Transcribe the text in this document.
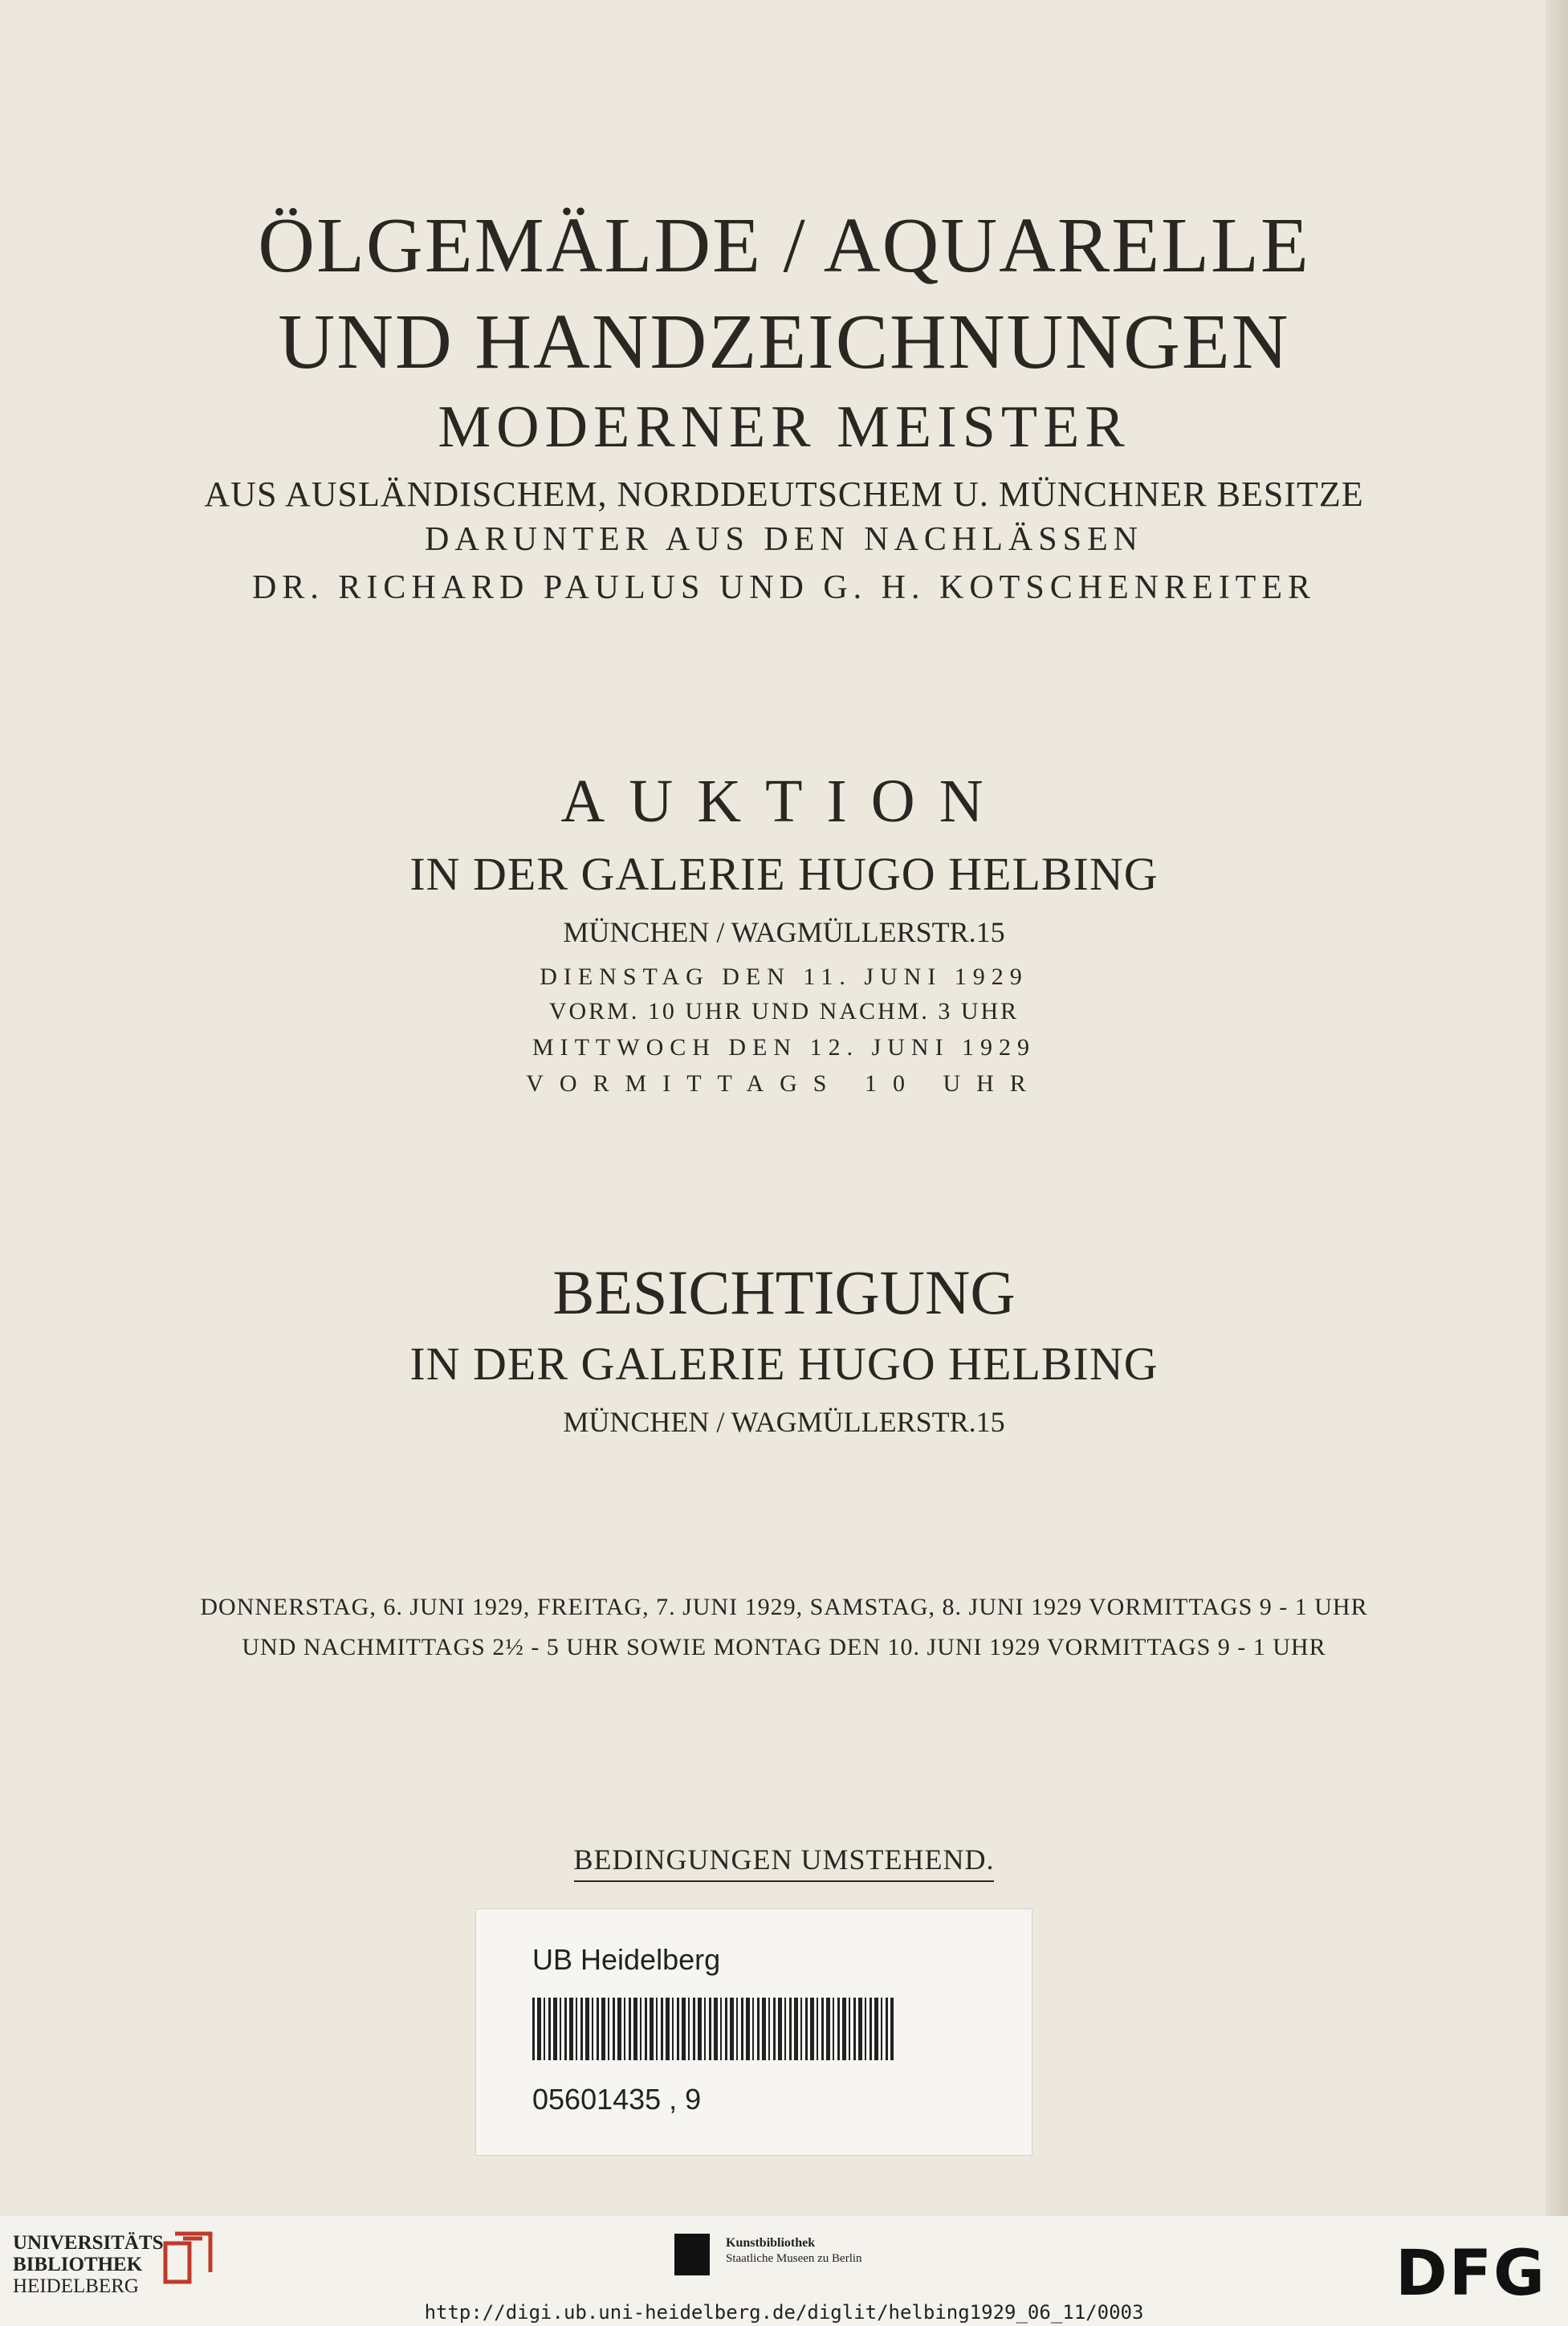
ÖLGEMÄLDE / AQUARELLE
UND HANDZEICHNUNGEN
MODERNER MEISTER
AUS AUSLÄNDISCHEM, NORDDEUTSCHEM U. MÜNCHNER BESITZE
DARUNTER AUS DEN NACHLÄSSEN
DR. RICHARD PAULUS UND G. H. KOTSCHENREITER
AUKTION
IN DER GALERIE HUGO HELBING
MÜNCHEN / WAGMÜLLERSTR.15
DIENSTAG DEN 11. JUNI 1929
VORM. 10 UHR UND NACHM. 3 UHR
MITTWOCH DEN 12. JUNI 1929
VORMITTAGS 10 UHR
BESICHTIGUNG
IN DER GALERIE HUGO HELBING
MÜNCHEN / WAGMÜLLERSTR.15
DONNERSTAG, 6. JUNI 1929, FREITAG, 7. JUNI 1929, SAMSTAG, 8. JUNI 1929 VORMITTAGS 9 - 1 UHR
UND NACHMITTAGS 2½ - 5 UHR SOWIE MONTAG DEN 10. JUNI 1929 VORMITTAGS 9 - 1 UHR
BEDINGUNGEN UMSTEHEND.
UB Heidelberg
05601435 , 9
UNIVERSITÄTS-
BIBLIOTHEK
HEIDELBERG
Kunstbibliothek
Staatliche Museen zu Berlin	DFG
http://digi.ub.uni-heidelberg.de/diglit/helbing1929_06_11/0003
